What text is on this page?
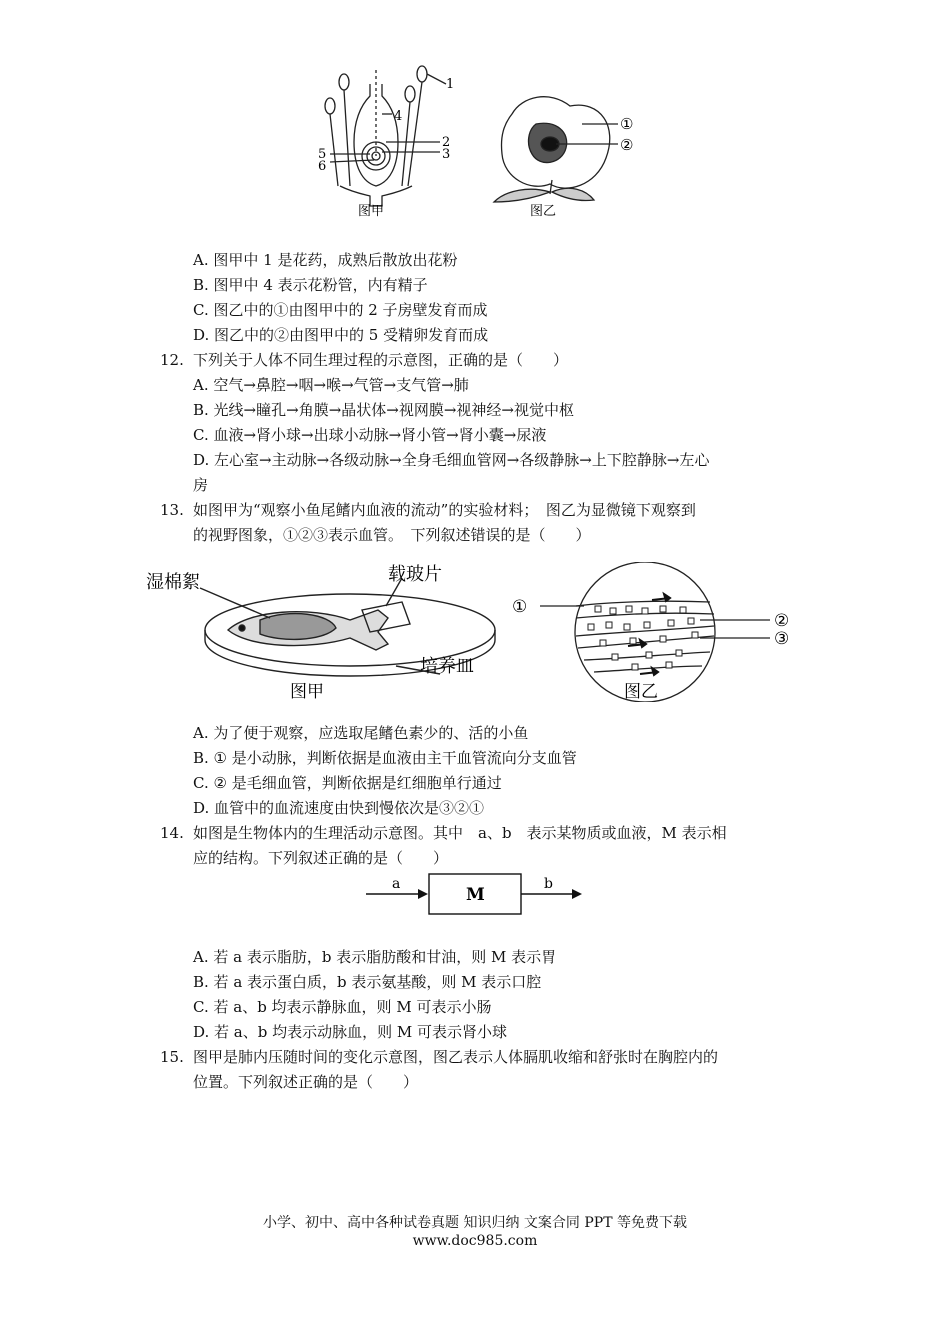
1
4
2
3
5
6
图甲
①
②
图乙
A. 图甲中 1 是花药，成熟后散放出花粉
B. 图甲中 4 表示花粉管，内有精子
C. 图乙中的①由图甲中的 2 子房壁发育而成
D. 图乙中的②由图甲中的 5 受精卵发育而成
12. 下列关于人体不同生理过程的示意图，正确的是（　　）
A. 空气→鼻腔→咽→喉→气管→支气管→肺
B. 光线→瞳孔→角膜→晶状体→视网膜→视神经→视觉中枢
C. 血液→肾小球→出球小动脉→肾小管→肾小囊→尿液
D. 左心室→主动脉→各级动脉→全身毛细血管网→各级静脉→上下腔静脉→左心
房
13. 如图甲为“观察小鱼尾鳍内血液的流动”的实验材料；　图乙为显微镜下观察到
的视野图象，①②③表示血管。　下列叙述错误的是（　　）
湿棉絮	载玻片
培养皿
图甲
①
②
③
图乙
A. 为了便于观察，应选取尾鳍色素少的、活的小鱼
B. ① 是小动脉，判断依据是血液由主干血管流向分支血管
C. ② 是毛细血管，判断依据是红细胞单行通过
D. 血管中的血流速度由快到慢依次是③②①
14. 如图是生物体内的生理活动示意图。其中　a、b　表示某物质或血液，M 表示相
应的结构。下列叙述正确的是（　　）
a
M
b
A. 若 a 表示脂肪，b 表示脂肪酸和甘油，则 M 表示胃
B. 若 a 表示蛋白质，b 表示氨基酸，则 M 表示口腔
C. 若 a、b 均表示静脉血，则 M 可表示小肠
D. 若 a、b 均表示动脉血，则 M 可表示肾小球
15. 图甲是肺内压随时间的变化示意图，图乙表示人体膈肌收缩和舒张时在胸腔内的
位置。下列叙述正确的是（　　）
小学、初中、高中各种试卷真题 知识归纳 文案合同 PPT 等免费下载
www.doc985.com
